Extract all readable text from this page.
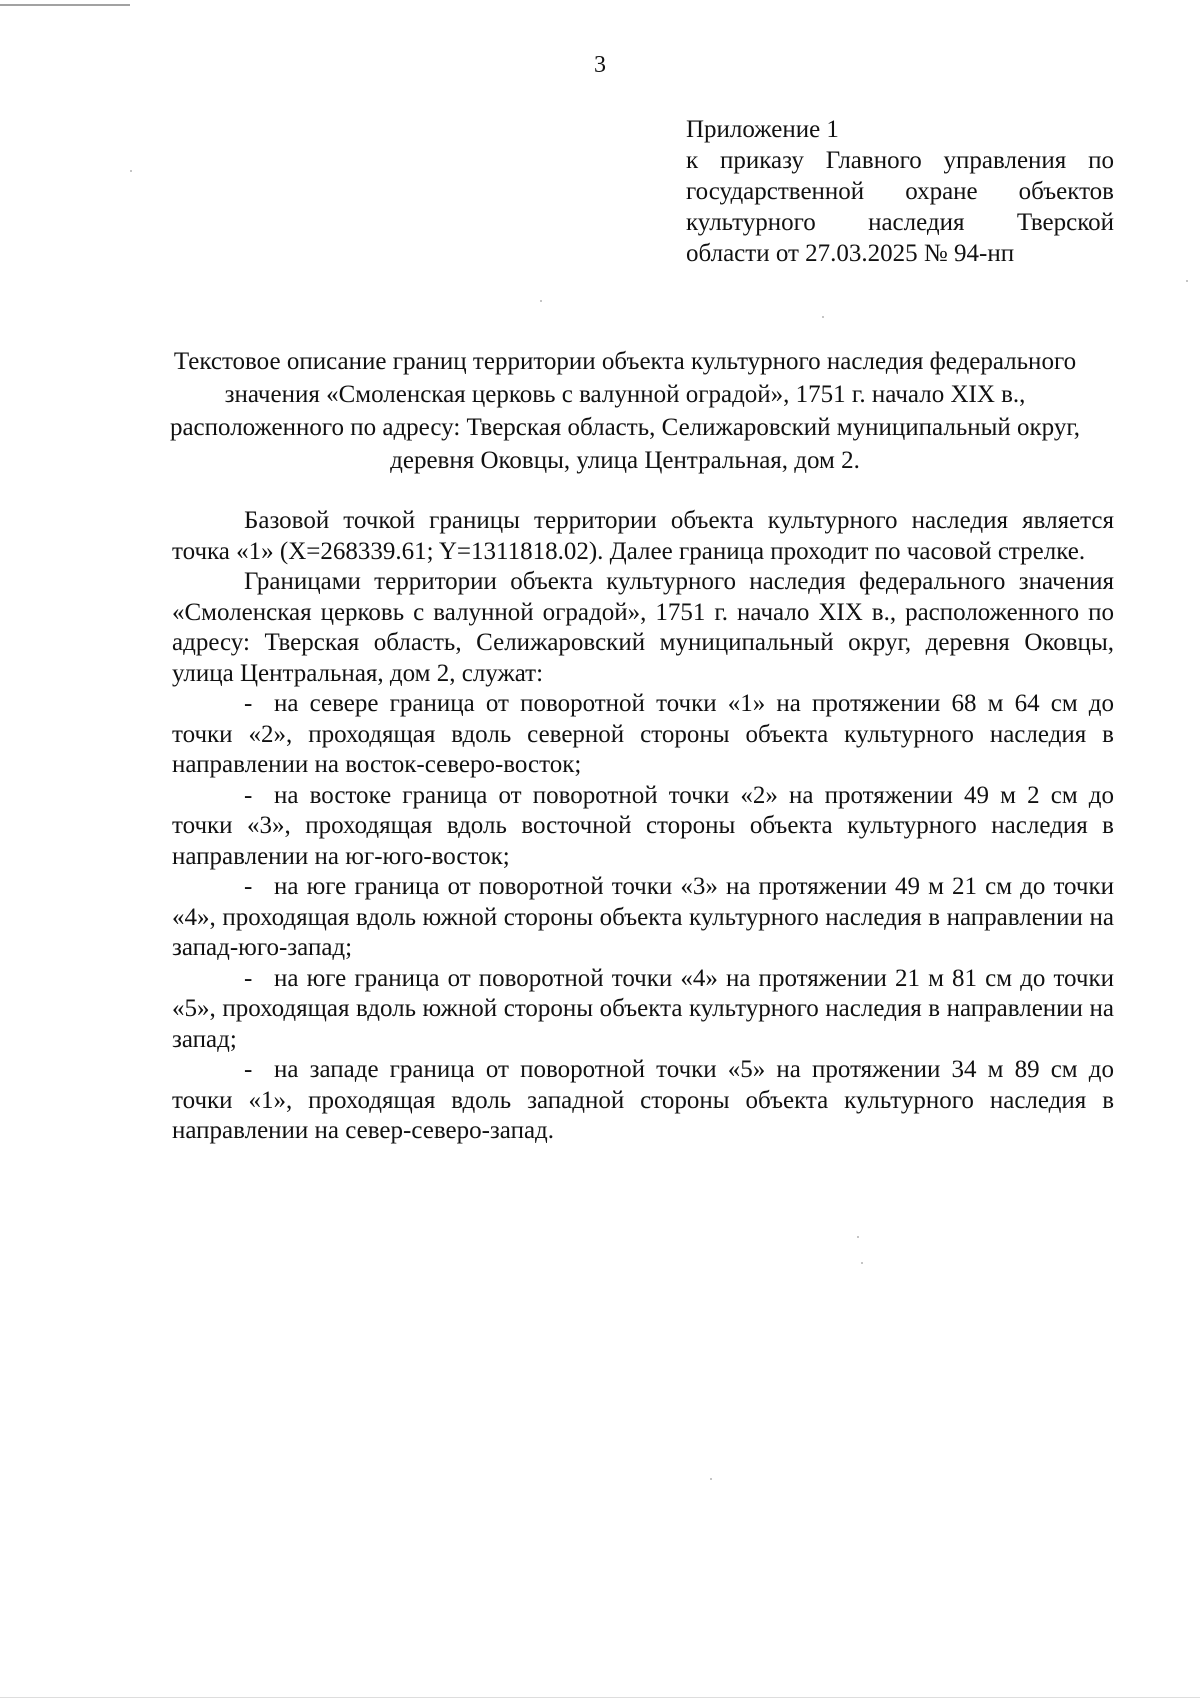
3
Приложение 1
к приказу Главного управления по
государственной охране объектов
культурного наследия Тверской
области от 27.03.2025 № 94-нп
Текстовое описание границ территории объекта культурного наследия федерального значения «Смоленская церковь с валунной оградой», 1751 г. начало XIX в., расположенного по адресу: Тверская область, Селижаровский муниципальный округ, деревня Оковцы, улица Центральная, дом 2.

Базовой точкой границы территории объекта культурного наследия является точка «1» (X=268339.61; Y=1311818.02). Далее граница проходит по часовой стрелке.

Границами территории объекта культурного наследия федерального значения «Смоленская церковь с валунной оградой», 1751 г. начало XIX в., расположенного по адресу: Тверская область, Селижаровский муниципальный округ, деревня Оковцы, улица Центральная, дом 2, служат:

- на севере граница от поворотной точки «1» на протяжении 68 м 64 см до точки «2», проходящая вдоль северной стороны объекта культурного наследия в направлении на восток-северо-восток;

- на востоке граница от поворотной точки «2» на протяжении 49 м 2 см до точки «3», проходящая вдоль восточной стороны объекта культурного наследия в направлении на юг-юго-восток;

- на юге граница от поворотной точки «3» на протяжении 49 м 21 см до точки «4», проходящая вдоль южной стороны объекта культурного наследия в направлении на запад-юго-запад;

- на юге граница от поворотной точки «4» на протяжении 21 м 81 см до точки «5», проходящая вдоль южной стороны объекта культурного наследия в направлении на запад;

- на западе граница от поворотной точки «5» на протяжении 34 м 89 см до точки «1», проходящая вдоль западной стороны объекта культурного наследия в направлении на север-северо-запад.
